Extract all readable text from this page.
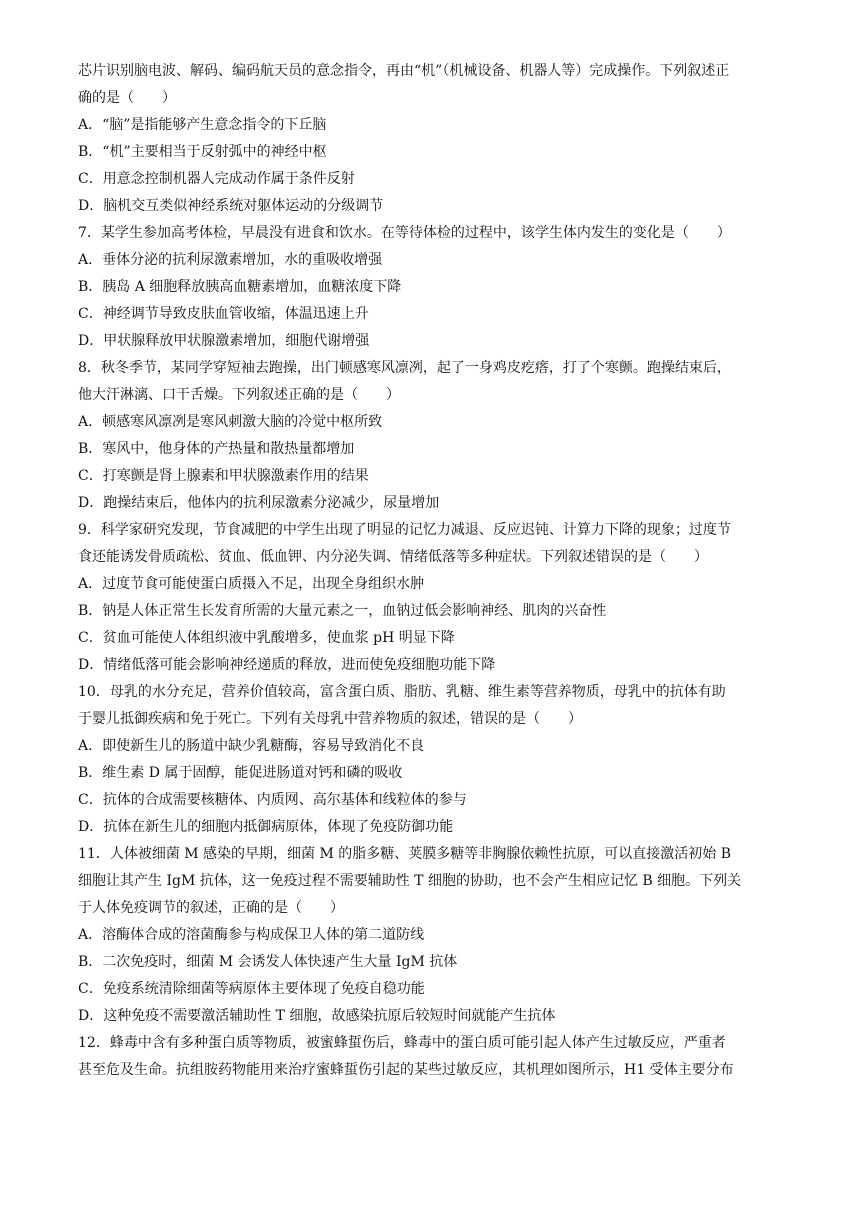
芯片识别脑电波、解码、编码航天员的意念指令，再由“机”（机械设备、机器人等）完成操作。下列叙述正
确的是（　　）
A．“脑”是指能够产生意念指令的下丘脑
B．“机”主要相当于反射弧中的神经中枢
C．用意念控制机器人完成动作属于条件反射
D．脑机交互类似神经系统对躯体运动的分级调节
7．某学生参加高考体检，早晨没有进食和饮水。在等待体检的过程中，该学生体内发生的变化是（　　）
A．垂体分泌的抗利尿激素增加，水的重吸收增强
B．胰岛 A 细胞释放胰高血糖素增加，血糖浓度下降
C．神经调节导致皮肤血管收缩，体温迅速上升
D．甲状腺释放甲状腺激素增加，细胞代谢增强
8．秋冬季节，某同学穿短袖去跑操，出门顿感寒风凛冽，起了一身鸡皮疙瘩，打了个寒颤。跑操结束后，
他大汗淋漓、口干舌燥。下列叙述正确的是（　　）
A．顿感寒风凛冽是寒风刺激大脑的冷觉中枢所致
B．寒风中，他身体的产热量和散热量都增加
C．打寒颤是肾上腺素和甲状腺激素作用的结果
D．跑操结束后，他体内的抗利尿激素分泌减少，尿量增加
9．科学家研究发现，节食减肥的中学生出现了明显的记忆力减退、反应迟钝、计算力下降的现象；过度节
食还能诱发骨质疏松、贫血、低血钾、内分泌失调、情绪低落等多种症状。下列叙述错误的是（　　）
A．过度节食可能使蛋白质摄入不足，出现全身组织水肿
B．钠是人体正常生长发育所需的大量元素之一，血钠过低会影响神经、肌肉的兴奋性
C．贫血可能使人体组织液中乳酸增多，使血浆 pH 明显下降
D．情绪低落可能会影响神经递质的释放，进而使免疫细胞功能下降
10．母乳的水分充足，营养价值较高，富含蛋白质、脂肪、乳糖、维生素等营养物质，母乳中的抗体有助
于婴儿抵御疾病和免于死亡。下列有关母乳中营养物质的叙述，错误的是（　　）
A．即使新生儿的肠道中缺少乳糖酶，容易导致消化不良
B．维生素 D 属于固醇，能促进肠道对钙和磷的吸收
C．抗体的合成需要核糖体、内质网、高尔基体和线粒体的参与
D．抗体在新生儿的细胞内抵御病原体，体现了免疫防御功能
11．人体被细菌 M 感染的早期，细菌 M 的脂多糖、荚膜多糖等非胸腺依赖性抗原，可以直接激活初始 B
细胞让其产生 IgM 抗体，这一免疫过程不需要辅助性 T 细胞的协助，也不会产生相应记忆 B 细胞。下列关
于人体免疫调节的叙述，正确的是（　　）
A．溶酶体合成的溶菌酶参与构成保卫人体的第二道防线
B．二次免疫时，细菌 M 会诱发人体快速产生大量 IgM 抗体
C．免疫系统清除细菌等病原体主要体现了免疫自稳功能
D．这种免疫不需要激活辅助性 T 细胞，故感染抗原后较短时间就能产生抗体
12．蜂毒中含有多种蛋白质等物质，被蜜蜂蜇伤后，蜂毒中的蛋白质可能引起人体产生过敏反应，严重者
甚至危及生命。抗组胺药物能用来治疗蜜蜂蜇伤引起的某些过敏反应，其机理如图所示，H1 受体主要分布
